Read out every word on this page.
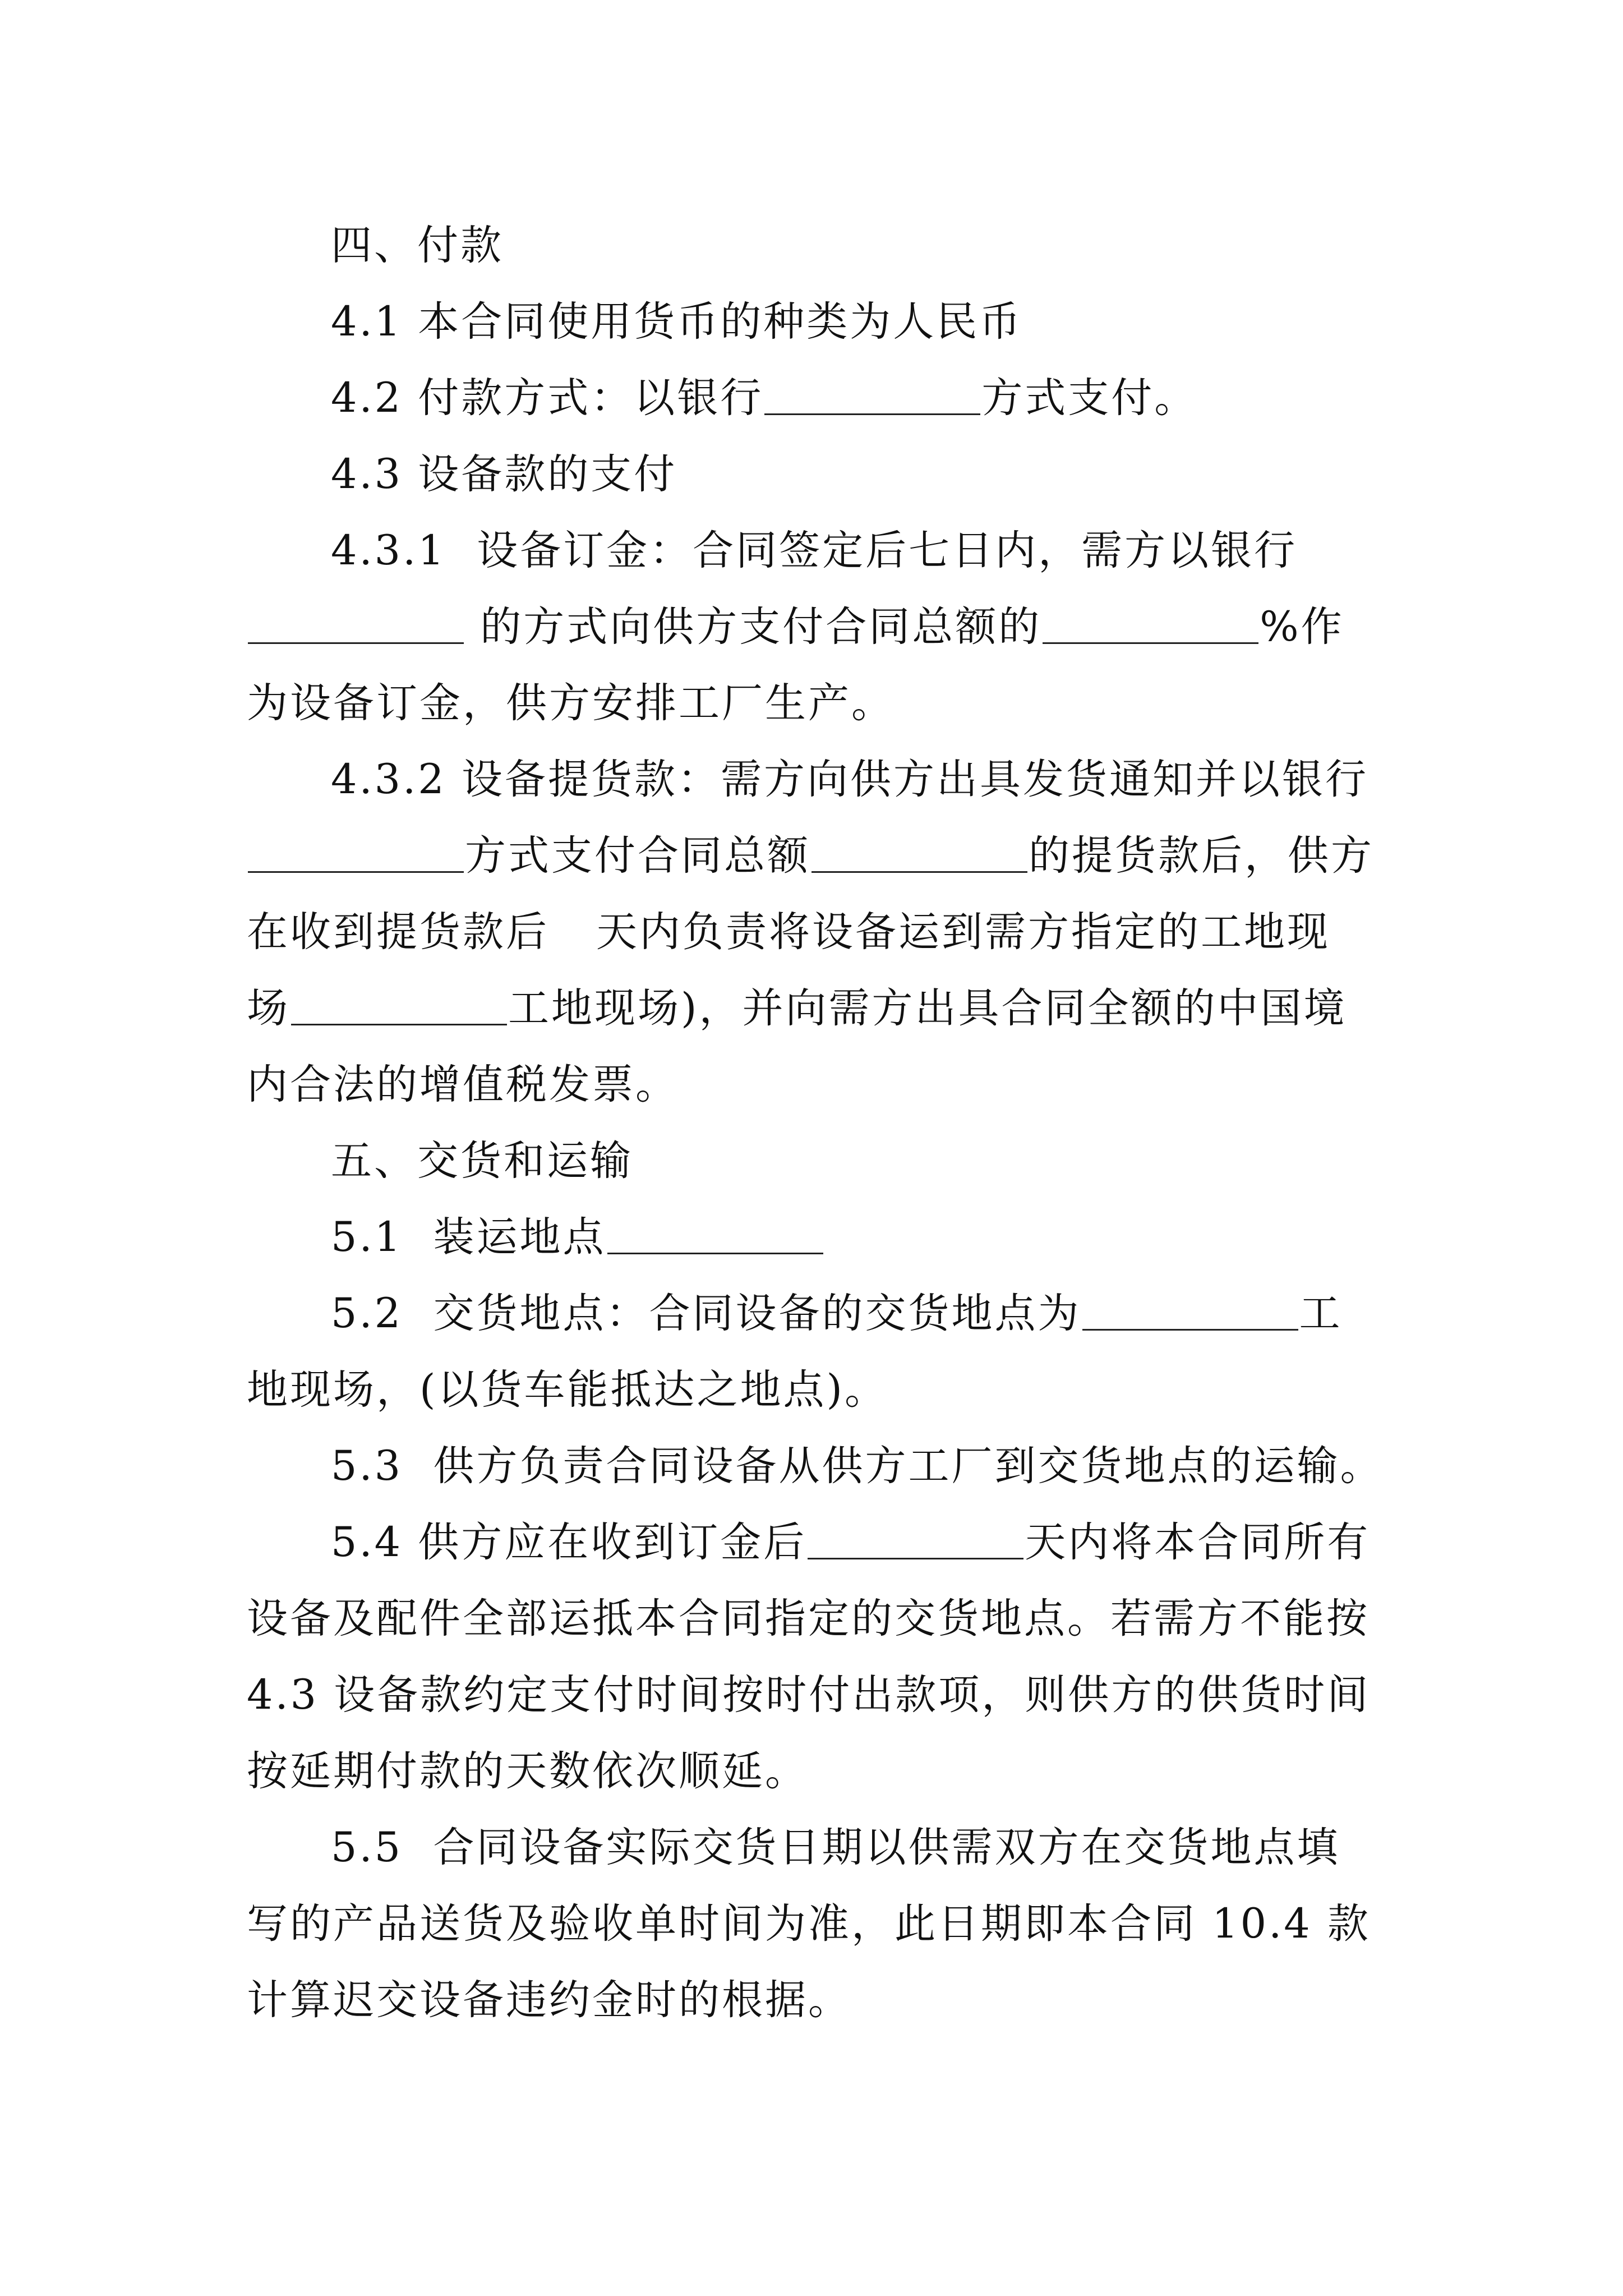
四、付款
4.1 本合同使用货币的种类为人民币
4.2 付款方式：以银行	方式支付。
4.3 设备款的支付
4.3.1  设备订金：合同签定后七日内，需方以银行
的方式向供方支付合同总额的	%作
为设备订金，供方安排工厂生产。
4.3.2 设备提货款：需方向供方出具发货通知并以银行
方式支付合同总额	的提货款后，供方
在收到提货款后 天内负责将设备运到需方指定的工地现
场	工地现场)，并向需方出具合同全额的中国境
内合法的增值税发票。
五、交货和运输
5.1  装运地点
5.2  交货地点：合同设备的交货地点为	工
地现场，(以货车能抵达之地点)。
5.3  供方负责合同设备从供方工厂到交货地点的运输。
5.4 供方应在收到订金后	天内将本合同所有
设备及配件全部运抵本合同指定的交货地点。若需方不能按
4.3 设备款约定支付时间按时付出款项，则供方的供货时间
按延期付款的天数依次顺延。
5.5  合同设备实际交货日期以供需双方在交货地点填
写的产品送货及验收单时间为准，此日期即本合同 10.4 款
计算迟交设备违约金时的根据。
